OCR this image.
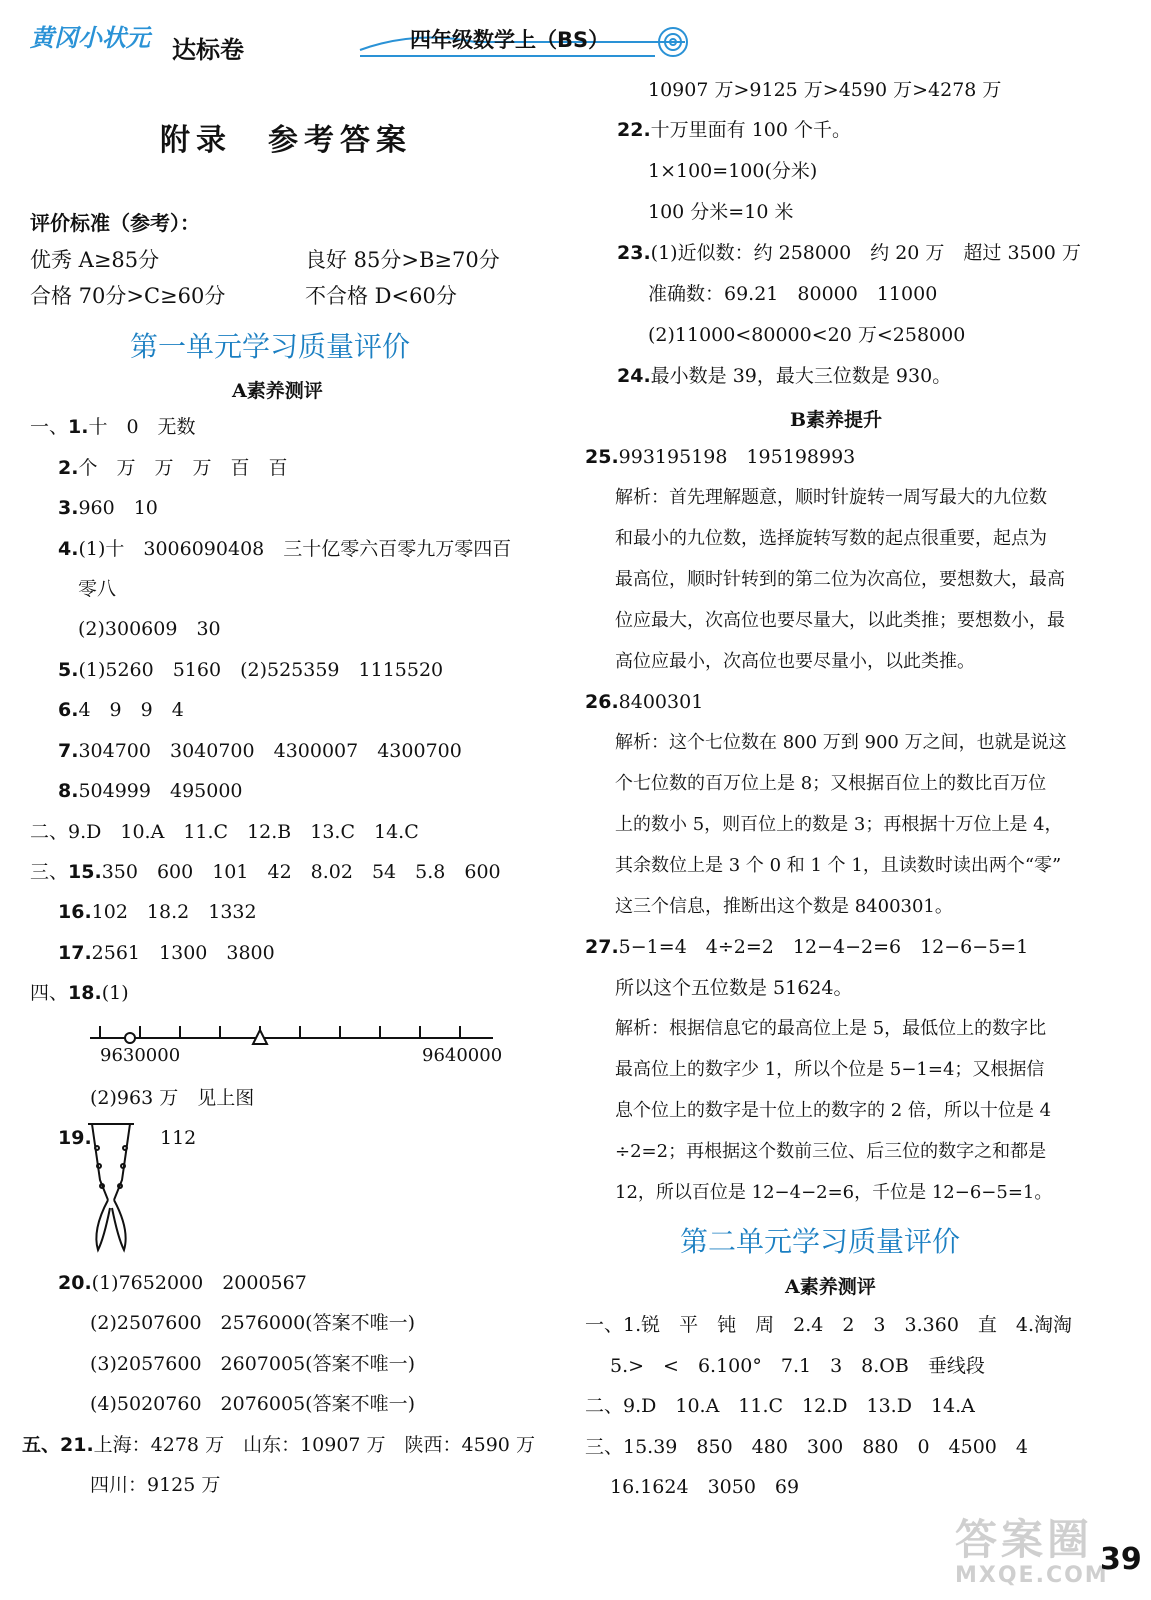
黄冈小状元 达标卷	四年级数学上（BS）
附录　参考答案
评价标准（参考）：
优秀 A≥85分	良好 85分>B≥70分
合格 70分>C≥60分	不合格 D<60分
第一单元学习质量评价
A素养测评
一、1.十　0　无数
2.个　万　万　万　百　百
3.960　10
4.(1)十　3006090408　三十亿零六百零九万零四百
零八
(2)300609　30
5.(1)5260　5160　(2)525359　1115520
6.4　9　9　4
7.304700　3040700　4300007　4300700
8.504999　495000
二、9.D　10.A　11.C　12.B　13.C　14.C
三、15.350　600　101　42　8.02　54　5.8　600
16.102　18.2　1332
17.2561　1300　3800
四、18.(1)
9630000	9640000
(2)963 万　见上图
19.	112
20.(1)7652000　2000567
(2)2507600　2576000(答案不唯一)
(3)2057600　2607005(答案不唯一)
(4)5020760　2076005(答案不唯一)
五、21.上海：4278 万　山东：10907 万　陕西：4590 万
四川：9125 万
10907 万>9125 万>4590 万>4278 万
22.十万里面有 100 个千。
1×100=100(分米)
100 分米=10 米
23.(1)近似数：约 258000　约 20 万　超过 3500 万
准确数：69.21　80000　11000
(2)11000<80000<20 万<258000
24.最小数是 39，最大三位数是 930。
B素养提升
25.993195198　195198993
解析：首先理解题意，顺时针旋转一周写最大的九位数
和最小的九位数，选择旋转写数的起点很重要，起点为
最高位，顺时针转到的第二位为次高位，要想数大，最高
位应最大，次高位也要尽量大，以此类推；要想数小，最
高位应最小，次高位也要尽量小，以此类推。
26.8400301
解析：这个七位数在 800 万到 900 万之间，也就是说这
个七位数的百万位上是 8；又根据百位上的数比百万位
上的数小 5，则百位上的数是 3；再根据十万位上是 4，
其余数位上是 3 个 0 和 1 个 1，且读数时读出两个“零”
这三个信息，推断出这个数是 8400301。
27.5−1=4　4÷2=2　12−4−2=6　12−6−5=1
所以这个五位数是 51624。
解析：根据信息它的最高位上是 5，最低位上的数字比
最高位上的数字少 1，所以个位是 5−1=4；又根据信
息个位上的数字是十位上的数字的 2 倍，所以十位是 4
÷2=2；再根据这个数前三位、后三位的数字之和都是
12，所以百位是 12−4−2=6，千位是 12−6−5=1。
第二单元学习质量评价
A素养测评
一、1.锐　平　钝　周　2.4　2　3　3.360　直　4.淘淘
5.>　<　6.100°　7.1　3　8.OB　垂线段
二、9.D　10.A　11.C　12.D　13.D　14.A
三、15.39　850　480　300　880　0　4500　4
16.1624　3050　69
答案圈
MXQE.COM
39
